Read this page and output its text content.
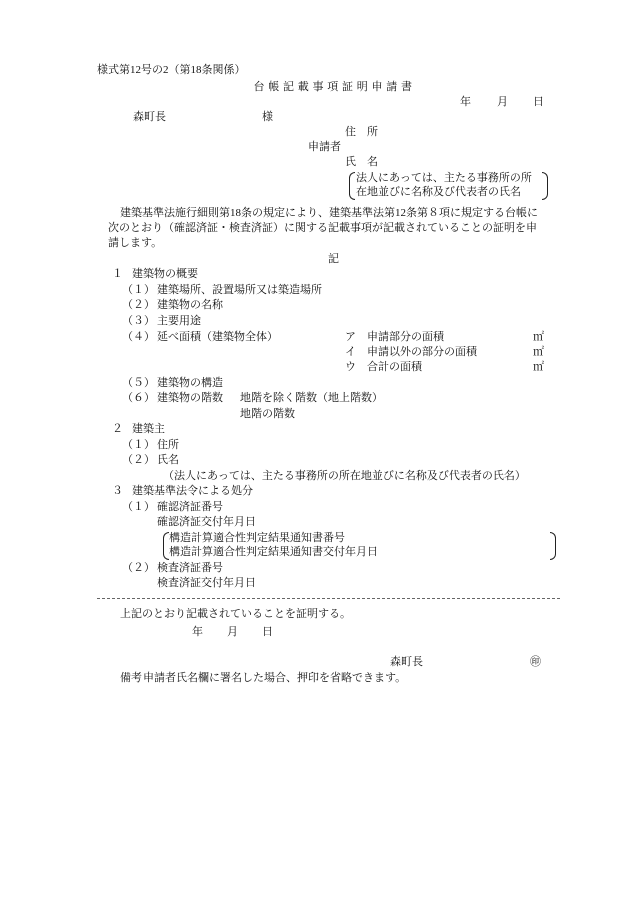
様式第12号の2（第18条関係）
台 帳 記 載 事 項 証 明 申 請 書
年 月 日
森町長	様
住　所
申請者
氏　名
法人にあっては、主たる事務所の所
在地並びに名称及び代表者の氏名
建築基準法施行細則第18条の規定により、建築基準法第12条第８項に規定する台帳に
次のとおり（確認済証・検査済証）に関する記載事項が記載されていることの証明を申
請します。
記
１ 建築物の概要
（１） 建築場所、設置場所又は築造場所
（２） 建築物の名称
（３） 主要用途
（４） 延べ面積（建築物全体）	ア 申請部分の面積	㎡
イ 申請以外の部分の面積	㎡
ウ 合計の面積	㎡
（５） 建築物の構造
（６） 建築物の階数 地階を除く階数（地上階数）
地階の階数
２ 建築主
（１） 住所
（２） 氏名
（法人にあっては、主たる事務所の所在地並びに名称及び代表者の氏名）
３ 建築基準法令による処分
（１） 確認済証番号
確認済証交付年月日
構造計算適合性判定結果通知書番号
構造計算適合性判定結果通知書交付年月日
（２） 検査済証番号
検査済証交付年月日
上記のとおり記載されていることを証明する。
年 月 日
森町長	㊞
備考 申請者氏名欄に署名した場合、押印を省略できます。
